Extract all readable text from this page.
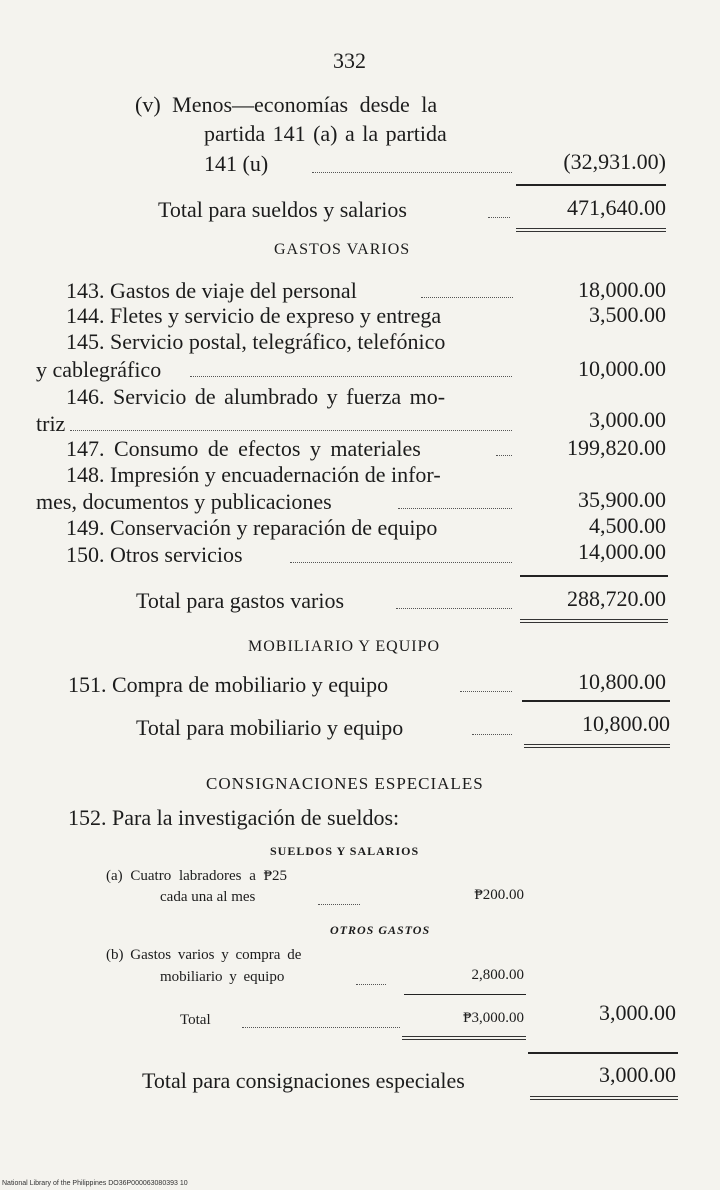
332
(v) Menos—economías desde la
partida 141 (a) a la partida
141 (u)	(32,931.00)
Total para sueldos y salarios	471,640.00
GASTOS VARIOS
143. Gastos de viaje del personal	18,000.00
144. Fletes y servicio de expreso y entrega	3,500.00
145. Servicio postal, telegráfico, telefónico
y cablegráfico	10,000.00
146. Servicio de alumbrado y fuerza mo-
triz	3,000.00
147. Consumo de efectos y materiales	199,820.00
148. Impresión y encuadernación de infor-
mes, documentos y publicaciones	35,900.00
149. Conservación y reparación de equipo	4,500.00
150. Otros servicios	14,000.00
Total para gastos varios	288,720.00
MOBILIARIO Y EQUIPO
151. Compra de mobiliario y equipo	10,800.00
Total para mobiliario y equipo	10,800.00
CONSIGNACIONES ESPECIALES
152. Para la investigación de sueldos:
SUELDOS Y SALARIOS
(a) Cuatro labradores a ₱25
cada una al mes	₱200.00
OTROS GASTOS
(b) Gastos varios y compra de
mobiliario y equipo	2,800.00
Total	₱3,000.00	3,000.00
Total para consignaciones especiales	3,000.00
National Library of the Philippines DO36P000063080393 10
